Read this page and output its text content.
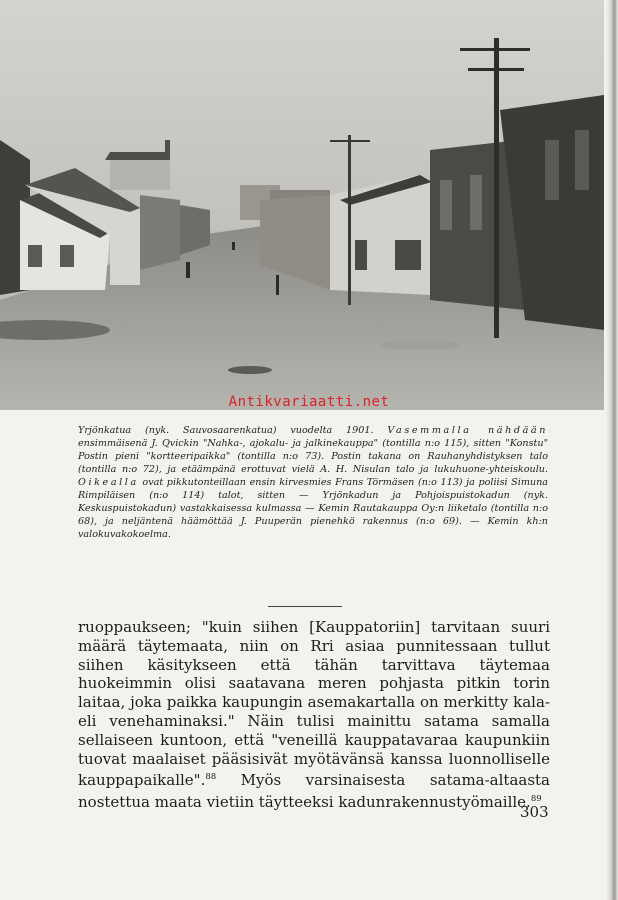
Antikvariaatti.net
Yrjönkatua (nyk. Sauvosaarenkatua) vuodelta 1901. Vasemmalla nähdään ensimmäisenä J. Qvickin "Nahka-, ajokalu- ja jalkinekauppa" (tontilla n:o 115), sitten "Konstu" Postin pieni "kortteeripaikka" (tontilla n:o 73). Postin takana on Rauhanyhdistyksen talo (tontilla n:o 72), ja etäämpänä erottuvat vielä A. H. Nisulan talo ja lukuhuone-yhteiskoulu. Oikealla ovat pikkutonteillaan ensin kirvesmies Frans Törmäsen (n:o 113) ja poliisi Simuna Rimpiläisen (n:o 114) talot, sitten — Yrjönkadun ja Pohjoispuistokadun (nyk. Keskuspuistokadun) vastakkaisessa kulmassa — Kemin Rautakauppa Oy:n liiketalo (tontilla n:o 68), ja neljäntenä häämöttää J. Puuperän pienehkö rakennus (n:o 69). — Kemin kh:n valokuvakokoelma.
ruoppaukseen; "kuin siihen [Kauppatoriin] tarvitaan suuri määrä täytemaata, niin on Rri asiaa punnitessaan tullut siihen käsitykseen että tähän tarvittava täytemaa huokeimmin olisi saatavana meren pohjasta pitkin torin laitaa, joka paikka kaupungin asemakartalla on merkitty kala- eli venehaminaksi." Näin tulisi mainittu satama samalla sellaiseen kuntoon, että "veneillä kauppatavaraa kaupunkiin tuovat maalaiset pääsisivät myötävänsä kanssa luonnolliselle kauppapaikalle".$^{88}$ Myös varsinaisesta satama-altaasta nostettua maata vietiin täytteeksi kadunrakennustyömaille.$^{89}$
303
